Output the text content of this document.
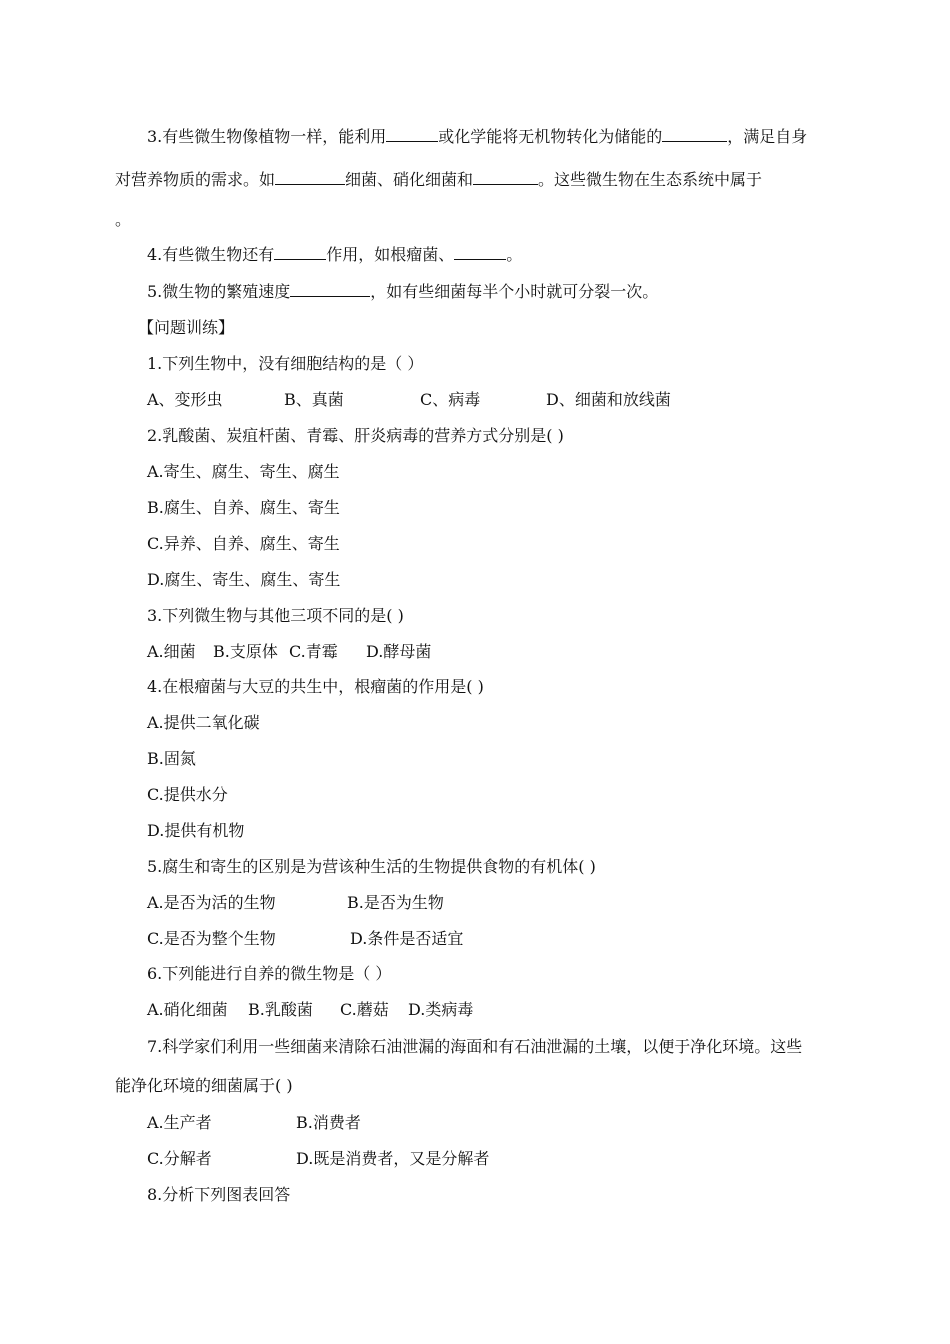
3.有些微生物像植物一样，能利用	或化学能将无机物转化为储能的	，满足自身
对营养物质的需求。如	细菌、硝化细菌和	。这些微生物在生态系统中属于
。
4.有些微生物还有	作用，如根瘤菌、	。
5.微生物的繁殖速度	，如有些细菌每半个小时就可分裂一次。
【问题训练】
1.下列生物中，没有细胞结构的是（ ）
A、变形虫	B、真菌	C、病毒	D、细菌和放线菌
2.乳酸菌、炭疽杆菌、青霉、肝炎病毒的营养方式分别是( )
A.寄生、腐生、寄生、腐生
B.腐生、自养、腐生、寄生
C.异养、自养、腐生、寄生
D.腐生、寄生、腐生、寄生
3.下列微生物与其他三项不同的是( )
A.细菌 B.支原体 C.青霉 D.酵母菌
4.在根瘤菌与大豆的共生中，根瘤菌的作用是( )
A.提供二氧化碳
B.固氮
C.提供水分
D.提供有机物
5.腐生和寄生的区别是为营该种生活的生物提供食物的有机体( )
A.是否为活的生物	B.是否为生物
C.是否为整个生物	D.条件是否适宜
6.下列能进行自养的微生物是（ ）
A.硝化细菌 B.乳酸菌 C.蘑菇 D.类病毒
7.科学家们利用一些细菌来清除石油泄漏的海面和有石油泄漏的土壤，以便于净化环境。这些
能净化环境的细菌属于( )
A.生产者	B.消费者
C.分解者	D.既是消费者，又是分解者
8.分析下列图表回答
